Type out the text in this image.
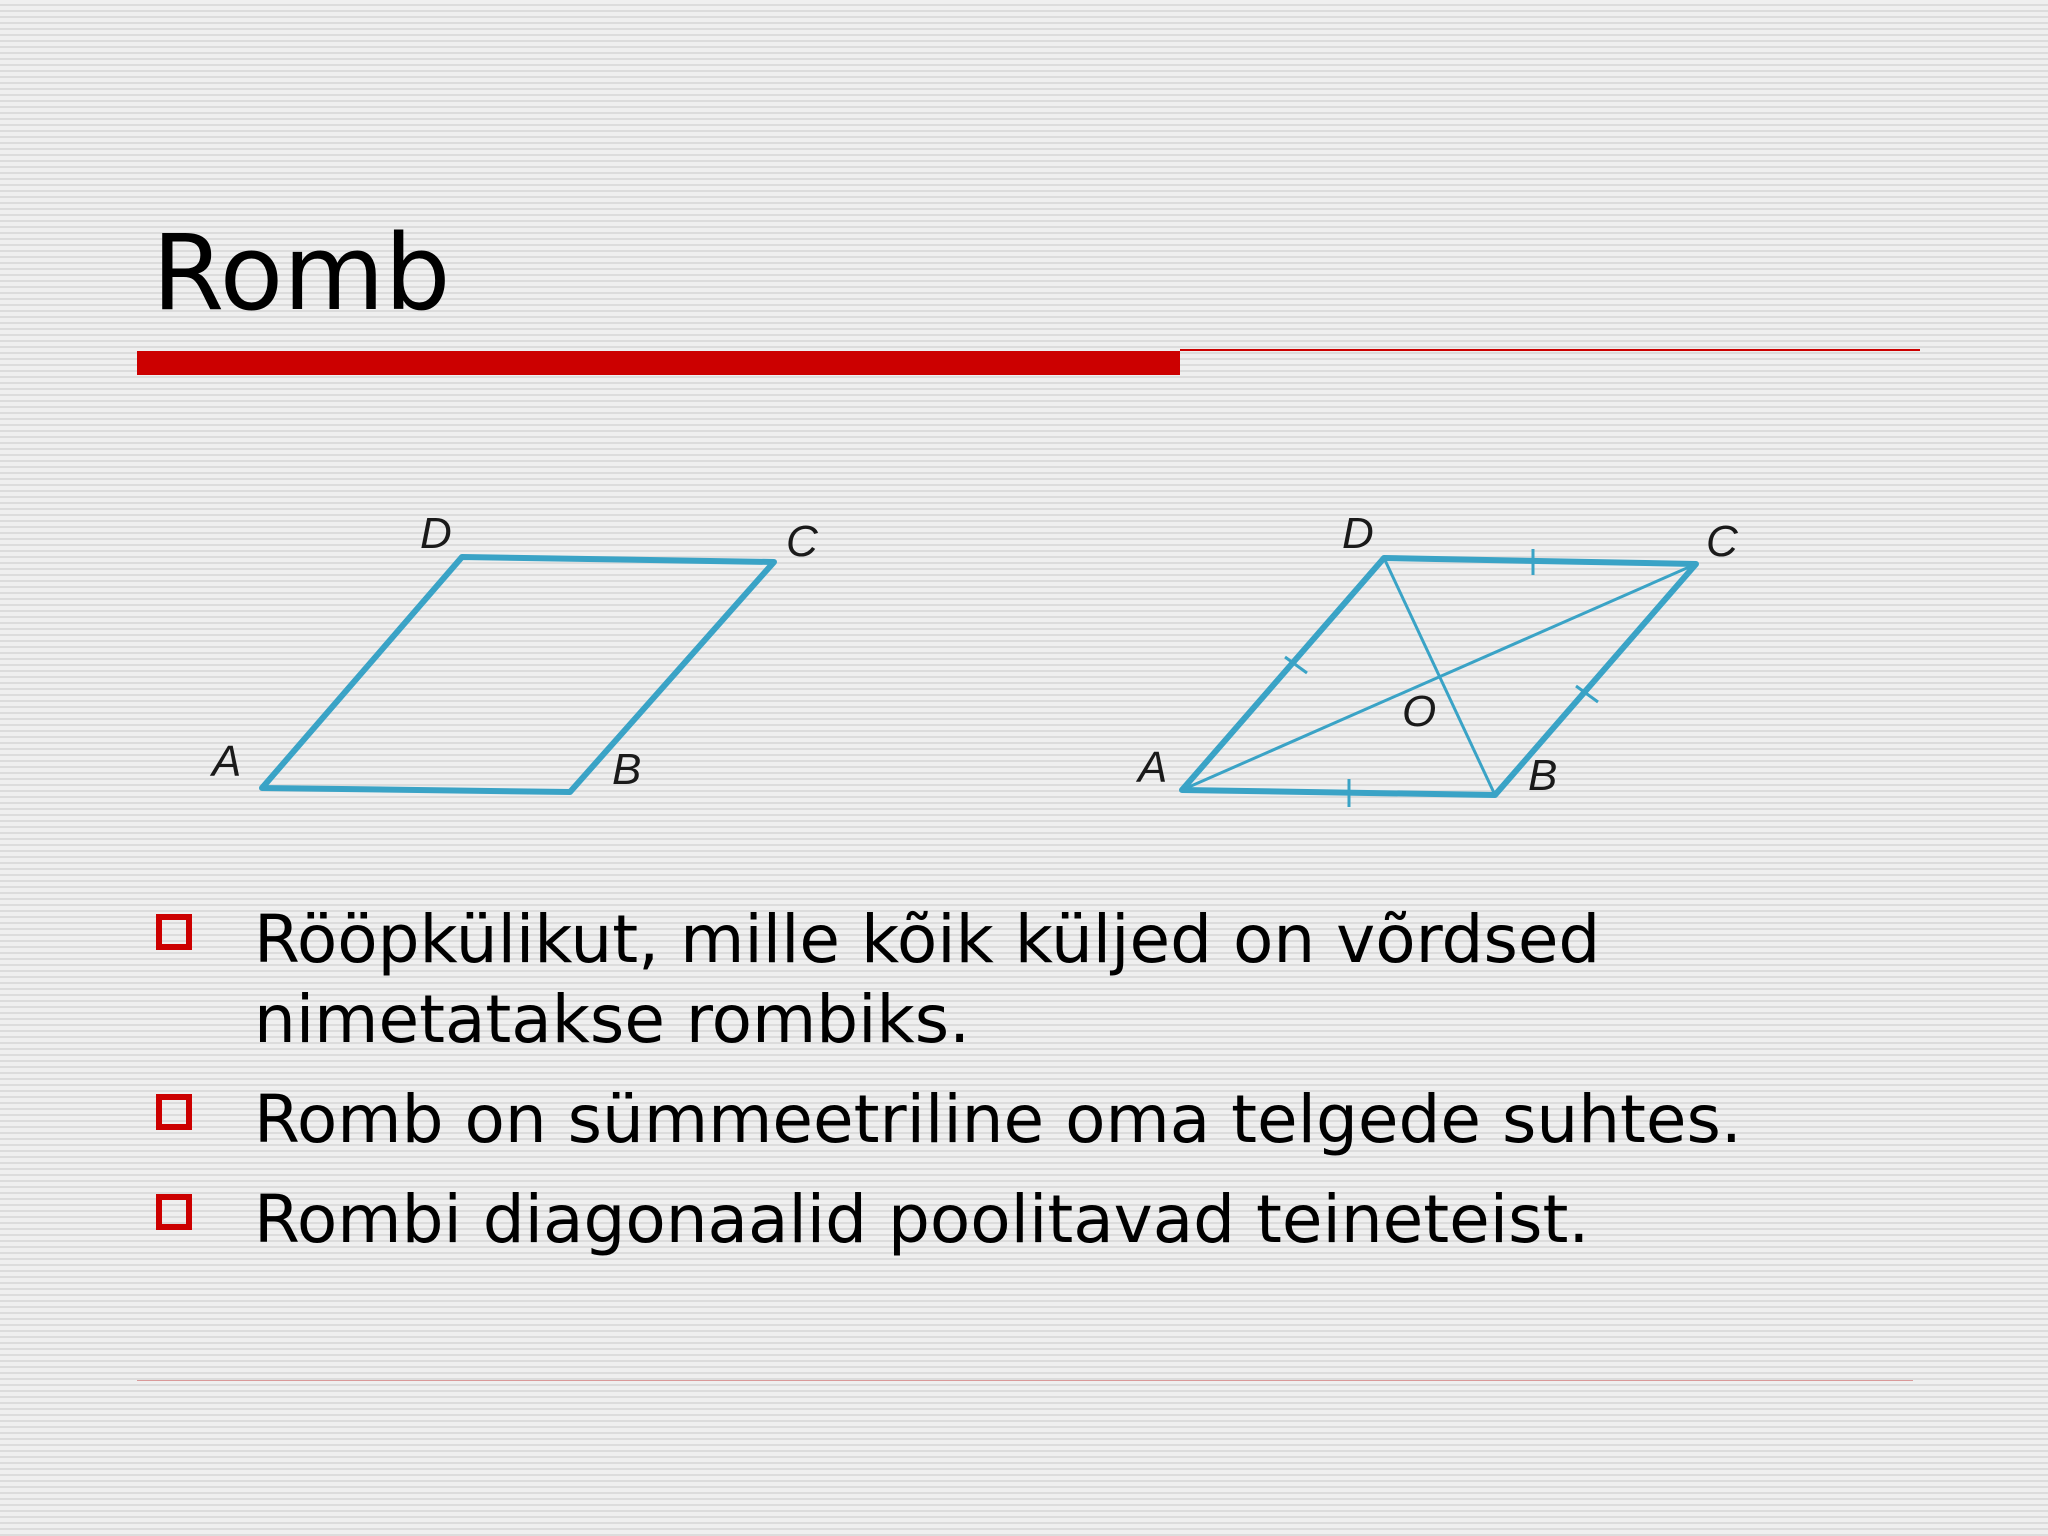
Romb
A	B
C
D
A	B
C
D
O
Rööpkülikut, mille kõik küljed on võrdsed nimetatakse rombiks.
Romb on sümmeetriline oma telgede suhtes.
Rombi diagonaalid poolitavad teineteist.
